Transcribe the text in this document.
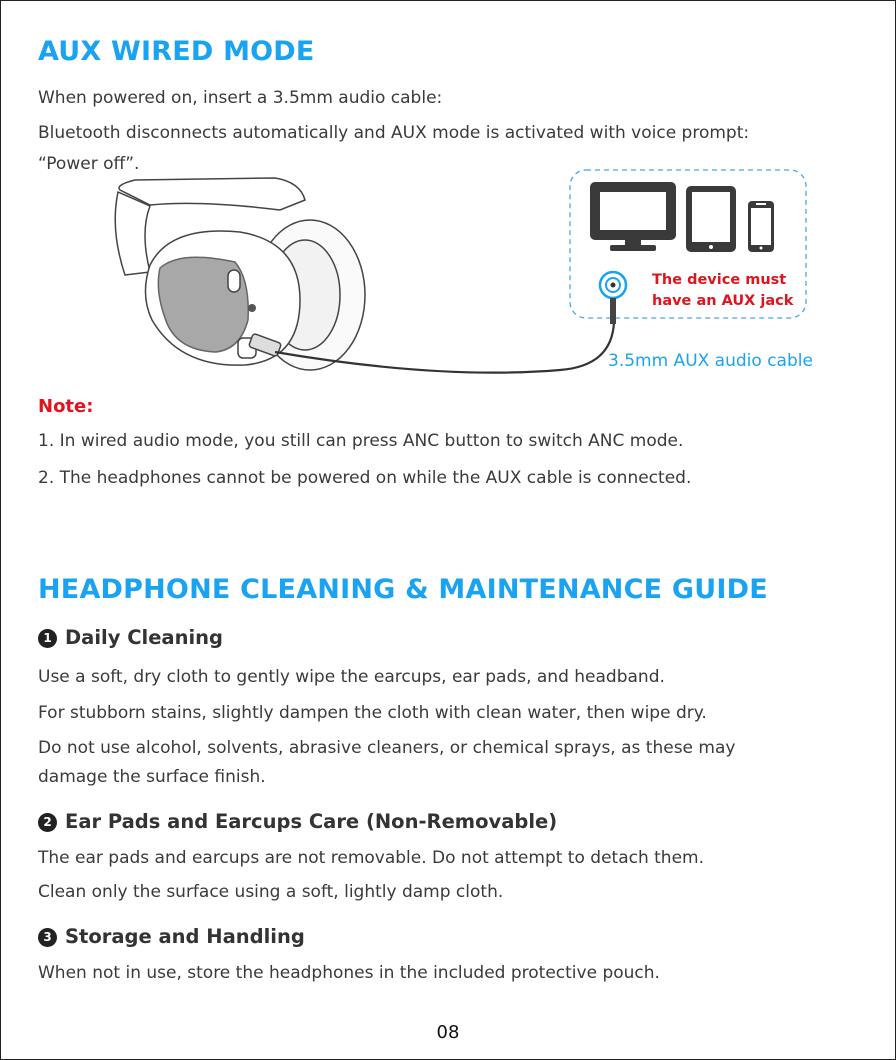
AUX WIRED MODE
When powered on, insert a 3.5mm audio cable:
Bluetooth disconnects automatically and AUX mode is activated with voice prompt:
“Power off”.
The device must
have an AUX jack
3.5mm AUX audio cable
Note:
1. In wired audio mode, you still can press ANC button to switch ANC mode.
2. The headphones cannot be powered on while the AUX cable is connected.
HEADPHONE CLEANING & MAINTENANCE GUIDE
1 Daily Cleaning
Use a soft, dry cloth to gently wipe the earcups, ear pads, and headband.
For stubborn stains, slightly dampen the cloth with clean water, then wipe dry.
Do not use alcohol, solvents, abrasive cleaners, or chemical sprays, as these may
damage the surface finish.
2 Ear Pads and Earcups Care (Non-Removable)
The ear pads and earcups are not removable. Do not attempt to detach them.
Clean only the surface using a soft, lightly damp cloth.
3 Storage and Handling
When not in use, store the headphones in the included protective pouch.
08
